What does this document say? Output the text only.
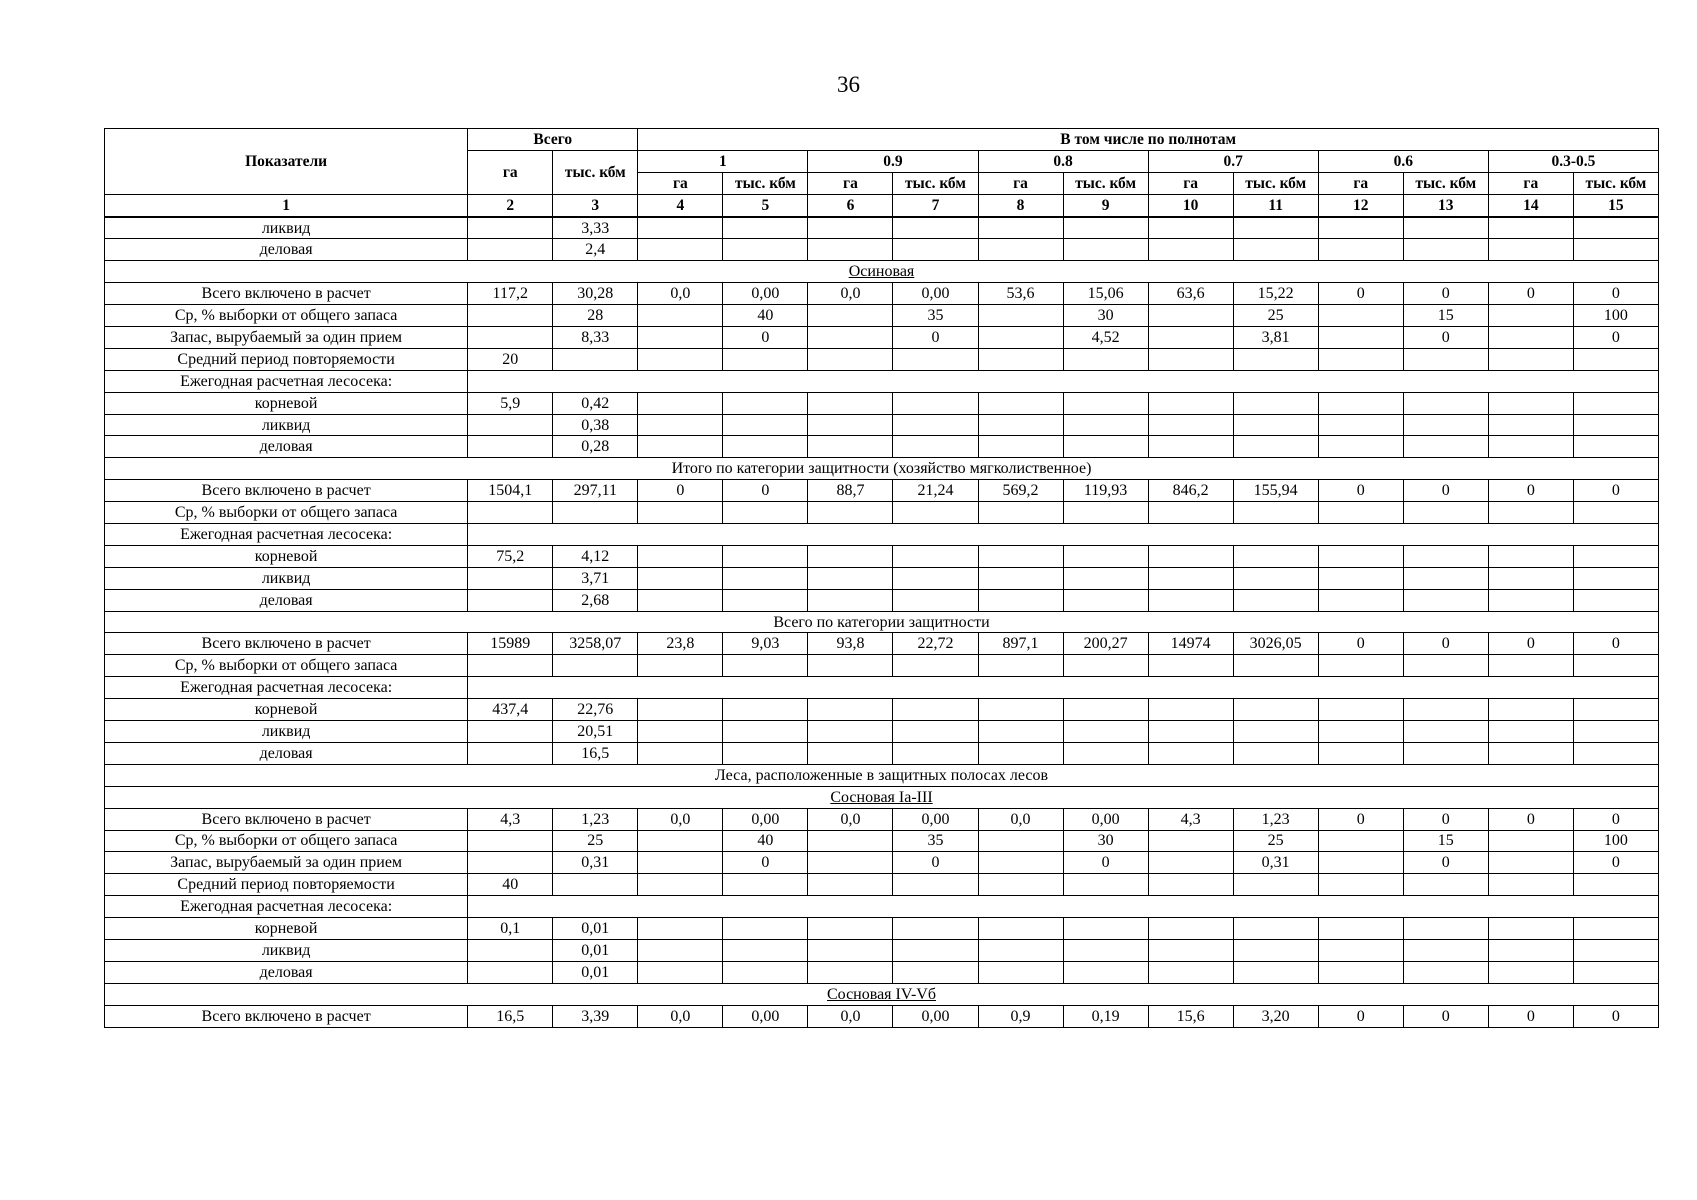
36
Показатели	Всего		В том числе по полнотам											
	га	тыс. кбм	1		0.9		0.8		0.7		0.6		0.3-0.5	
			га	тыс. кбм	га	тыс. кбм	га	тыс. кбм	га	тыс. кбм	га	тыс. кбм	га	тыс. кбм
1	2	3	4	5	6	7	8	9	10	11	12	13	14	15
ликвид		3,33												
деловая		2,4												
Осиновая														
Всего включено в расчет	117,2	30,28	0,0	0,00	0,0	0,00	53,6	15,06	63,6	15,22	0	0	0	0
Ср, % выборки от общего запаса		28		40		35		30		25		15		100
Запас, вырубаемый за один прием		8,33		0		0		4,52		3,81		0		0
Средний период повторяемости	20													
Ежегодная расчетная лесосека:														
корневой	5,9	0,42												
ликвид		0,38												
деловая		0,28												
Итого по категории защитности (хозяйство мягколиственное)														
Всего включено в расчет	1504,1	297,11	0	0	88,7	21,24	569,2	119,93	846,2	155,94	0	0	0	0
Ср, % выборки от общего запаса														
Ежегодная расчетная лесосека:														
корневой	75,2	4,12												
ликвид		3,71												
деловая		2,68												
Всего по категории защитности														
Всего включено в расчет	15989	3258,07	23,8	9,03	93,8	22,72	897,1	200,27	14974	3026,05	0	0	0	0
Ср, % выборки от общего запаса														
Ежегодная расчетная лесосека:														
корневой	437,4	22,76												
ликвид		20,51												
деловая		16,5												
Леса, расположенные в защитных полосах лесов														
Сосновая Iа-III														
Всего включено в расчет	4,3	1,23	0,0	0,00	0,0	0,00	0,0	0,00	4,3	1,23	0	0	0	0
Ср, % выборки от общего запаса		25		40		35		30		25		15		100
Запас, вырубаемый за один прием		0,31		0		0		0		0,31		0		0
Средний период повторяемости	40													
Ежегодная расчетная лесосека:														
корневой	0,1	0,01												
ликвид		0,01												
деловая		0,01												
Сосновая IV-Vб														
Всего включено в расчет	16,5	3,39	0,0	0,00	0,0	0,00	0,9	0,19	15,6	3,20	0	0	0	0
